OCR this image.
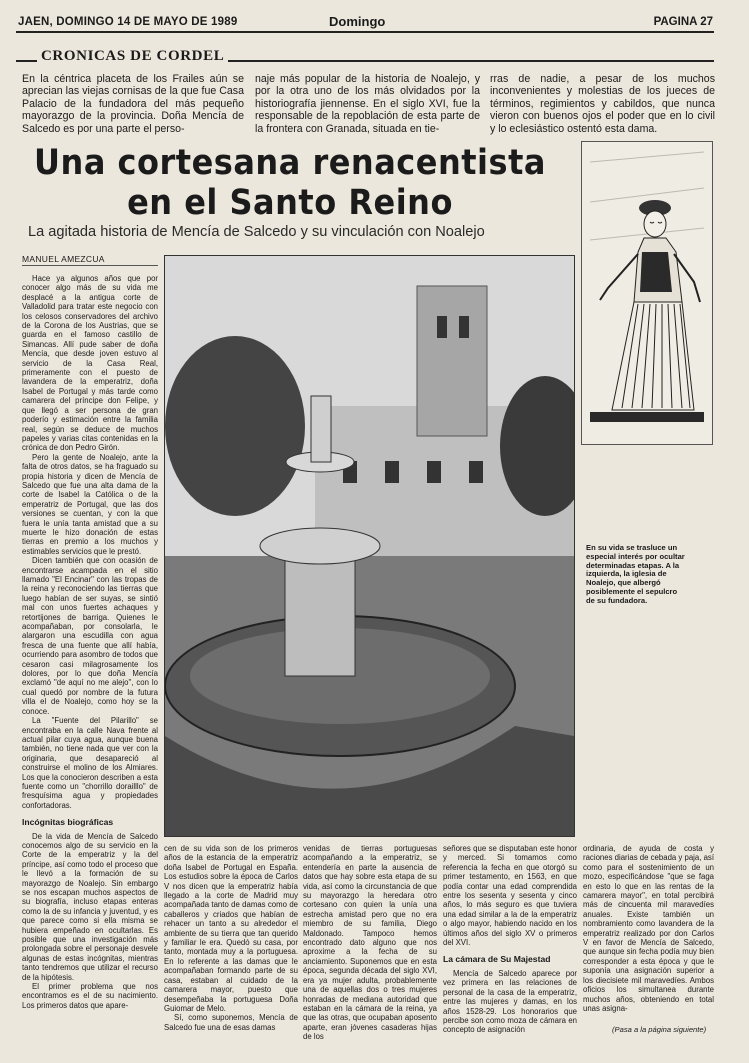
JAEN, DOMINGO 14 DE MAYO DE 1989	Domingo	PAGINA 27
CRONICAS DE CORDEL
En la céntrica placeta de los Frailes aún se aprecian las viejas cornisas de la que fue Casa Palacio de la fundadora del más pequeño mayorazgo de la provincia. Doña Mencía de Salcedo es por una parte el perso-
naje más popular de la historia de Noalejo, y por la otra uno de los más olvidados por la historiografía jiennense. En el siglo XVI, fue la responsable de la repoblación de esta parte de la frontera con Granada, situada en tie-
rras de nadie, a pesar de los muchos inconvenientes y molestias de los jueces de términos, regimientos y cabildos, que nunca vieron con buenos ojos el poder que en lo civil y lo eclesiástico ostentó esta dama.
Una cortesana renacentista
en el Santo Reino
La agitada historia de Mencía de Salcedo y su vinculación con Noalejo
MANUEL AMEZCUA
En su vida se trasluce un especial interés por ocultar determinadas etapas. A la izquierda, la iglesia de Noalejo, que albergó posiblemente el sepulcro de su fundadora.

Hace ya algunos años que por conocer algo más de su vida me desplacé a la antigua corte de Valladolid para tratar este negocio con los celosos conservadores del archivo de la Corona de los Austrias, que se guarda en el famoso castillo de Simancas. Allí pude saber de doña Mencía, que desde joven estuvo al servicio de la Casa Real, primeramente con el puesto de lavandera de la emperatriz, doña Isabel de Portugal y más tarde como camarera del príncipe don Felipe, y que llegó a ser persona de gran poderío y estimación entre la familia real, según se deduce de muchos papeles y varias citas contenidas en la crónica de don Pedro Girón.

Pero la gente de Noalejo, ante la falta de otros datos, se ha fraguado su propia historia y dicen de Mencía de Salcedo que fue una alta dama de la corte de Isabel la Católica o de la emperatriz de Portugal, que las dos versiones se cuentan, y con la que fuera le unía tanta amistad que a su muerte le hizo donación de estas tierras en premio a los muchos y estimables servicios que le prestó.

Dicen también que con ocasión de encontrarse acampada en el sitio llamado "El Encinar" con las tropas de la reina y reconociendo las tierras que luego habían de ser suyas, se sintió mal con unos fuertes achaques y retortijones de barriga. Quienes le acompañaban, por consolarla, le alargaron una escudilla con agua fresca de una fuente que allí había, ocurriendo para asombro de todos que cesaron casi milagrosamente los dolores, por lo que doña Mencía exclamó "de aquí no me alejo", con lo cual quedó por nombre de la futura villa el de Noalejo, como hoy se la conoce.

La "Fuente del Pilarillo" se encontraba en la calle Nava frente al actual pilar cuya agua, aunque buena también, no tiene nada que ver con la originaria, que desapareció al construirse el molino de los Almiares. Los que la conocieron describen a esta fuente como un "chorrillo dorailllo" de fresquísima agua y propiedades confortadoras.

Incógnitas biográficas

De la vida de Mencía de Salcedo conocemos algo de su servicio en la Corte de la emperatriz y la del príncipe, así como todo el proceso que le llevó a la formación de su mayorazgo de Noalejo. Sin embargo se nos escapan muchos aspectos de su biografía, incluso etapas enteras como la de su infancia y juventud, y es que parece como si ella misma se hubiera empeñado en ocultarlas. Es posible que una investigación más prolongada sobre el personaje desvele algunas de estas incógnitas, mientras tanto tendremos que utilizar el recurso de la hipótesis.

El primer problema que nos encontramos es el de su nacimiento. Los primeros datos que apare-

cen de su vida son de los primeros años de la estancia de la emperatriz doña Isabel de Portugal en España. Los estudios sobre la época de Carlos V nos dicen que la emperatriz había llegado a la corte de Madrid muy acompañada tanto de damas como de caballeros y criados que habían de rehacer un tanto a su alrededor el ambiente de su tierra que tan querido y familiar le era. Quedó su casa, por tanto, montada muy a la portuguesa. En lo referente a las damas que le acompañaban formando parte de su casa, estaban al cuidado de la camarera mayor, puesto que desempeñaba la portuguesa Doña Guiomar de Melo.

Sí, como suponemos, Mencía de Salcedo fue una de esas damas

venidas de tierras portuguesas acompañando a la emperatriz, se entendería en parte la ausencia de datos que hay sobre esta etapa de su vida, así como la circunstancia de que su mayorazgo la heredara otro cortesano con quien la unía una estrecha amistad pero que no era miembro de su familia, Diego Maldonado. Tampoco hemos encontrado dato alguno que nos aproxime a la fecha de su anciamiento. Suponemos que en esta época, segunda década del siglo XVI, era ya mujer adulta, probablemente una de aquellas dos o tres mujeres honradas de mediana autoridad que estaban en la cámara de la reina, ya que las otras, que ocupaban aposento aparte, eran jóvenes casaderas hijas de los

señores que se disputaban este honor y merced. Si tomamos como referencia la fecha en que otorgó su primer testamento, en 1563, en que podía contar una edad comprendida entre los sesenta y sesenta y cinco años, lo más seguro es que tuviera una edad similar a la de la emperatriz o algo mayor, habiendo nacido en los últimos años del siglo XV o primeros del XVI.

La cámara de Su Majestad

Mencía de Salcedo aparece por vez primera en las relaciones de personal de la casa de la emperatriz, entre las mujeres y damas, en los años 1528-29. Los honorarios que percibe son como moza de cámara en concepto de asignación

ordinaria, de ayuda de costa y raciones diarias de cebada y paja, así como para el sostenimiento de un mozo, especificándose "que se faga en esto lo que en las rentas de la camarera mayor", en total percibirá más de cincuenta mil maravedíes anuales. Existe también un nombramiento como lavandera de la emperatriz realizado por don Carlos V en favor de Mencía de Salcedo, que aunque sin fecha podía muy bien corresponder a esta época y que le suponía una asignación superior a los diecisiete mil maravedíes. Ambos oficios los simultanea durante muchos años, obteniendo en total unas asigna-

(Pasa a la página siguiente)
